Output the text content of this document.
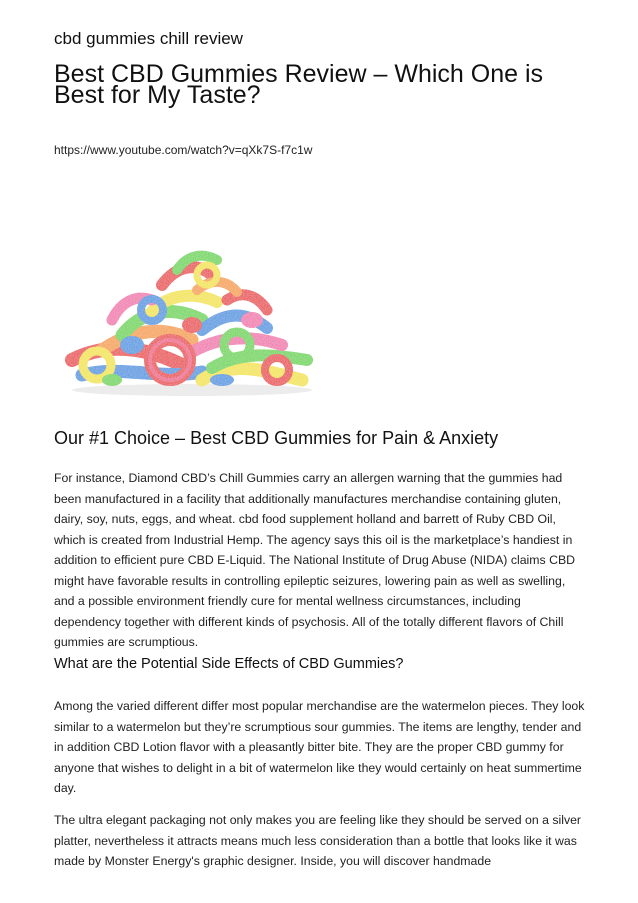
cbd gummies chill review
Best CBD Gummies Review – Which One is Best for My Taste?
https://www.youtube.com/watch?v=qXk7S-f7c1w
Our #1 Choice – Best CBD Gummies for Pain & Anxiety

For instance, Diamond CBD’s Chill Gummies carry an allergen warning that the gummies had been manufactured in a facility that additionally manufactures merchandise containing gluten, dairy, soy, nuts, eggs, and wheat. cbd food supplement holland and barrett of Ruby CBD Oil, which is created from Industrial Hemp. The agency says this oil is the marketplace’s handiest in addition to efficient pure CBD E-Liquid. The National Institute of Drug Abuse (NIDA) claims CBD might have favorable results in controlling epileptic seizures, lowering pain as well as swelling, and a possible environment friendly cure for mental wellness circumstances, including dependency together with different kinds of psychosis. All of the totally different flavors of Chill gummies are scrumptious.

What are the Potential Side Effects of CBD Gummies?

Among the varied different differ most popular merchandise are the watermelon pieces. They look similar to a watermelon but they’re scrumptious sour gummies. The items are lengthy, tender and in addition CBD Lotion flavor with a pleasantly bitter bite. They are the proper CBD gummy for anyone that wishes to delight in a bit of watermelon like they would certainly on heat summertime day.

The ultra elegant packaging not only makes you are feeling like they should be served on a silver platter, nevertheless it attracts means much less consideration than a bottle that looks like it was made by Monster Energy's graphic designer. Inside, you will discover handmade
